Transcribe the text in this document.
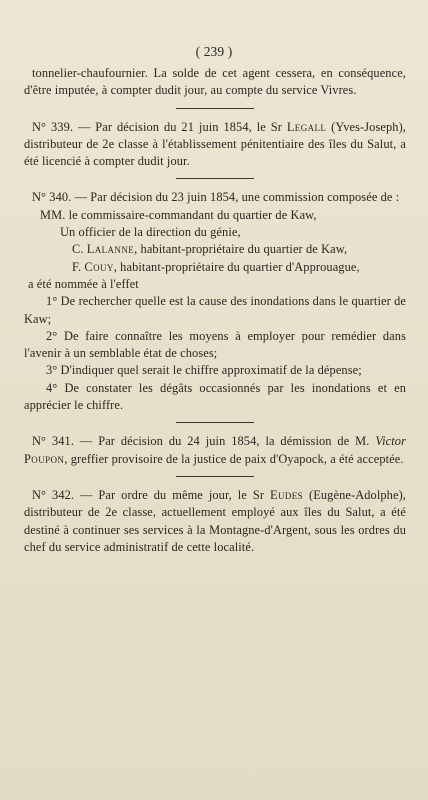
( 239 )

tonnelier-chaufournier. La solde de cet agent cessera, en conséquence, d'être imputée, à compter dudit jour, au compte du service Vivres.

N° 339. — Par décision du 21 juin 1854, le Sr Legall (Yves-Joseph), distributeur de 2e classe à l'établissement pénitentiaire des îles du Salut, a été licencié à compter dudit jour.

N° 340. — Par décision du 23 juin 1854, une commission composée de :

MM. le commissaire-commandant du quartier de Kaw,

Un officier de la direction du génie,

C. Lalanne, habitant-propriétaire du quartier de Kaw,

F. Couy, habitant-propriétaire du quartier d'Approuague,

a été nommée à l'effet

1° De rechercher quelle est la cause des inondations dans le quartier de Kaw;

2° De faire connaître les moyens à employer pour remédier dans l'avenir à un semblable état de choses;

3° D'indiquer quel serait le chiffre approximatif de la dépense;

4° De constater les dégâts occasionnés par les inondations et en apprécier le chiffre.

N° 341. — Par décision du 24 juin 1854, la démission de M. Victor Poupon, greffier provisoire de la justice de paix d'Oyapock, a été acceptée.

N° 342. — Par ordre du même jour, le Sr Eudes (Eugène-Adolphe), distributeur de 2e classe, actuellement employé aux îles du Salut, a été destiné à continuer ses services à la Montagne-d'Argent, sous les ordres du chef du service administratif de cette localité.
